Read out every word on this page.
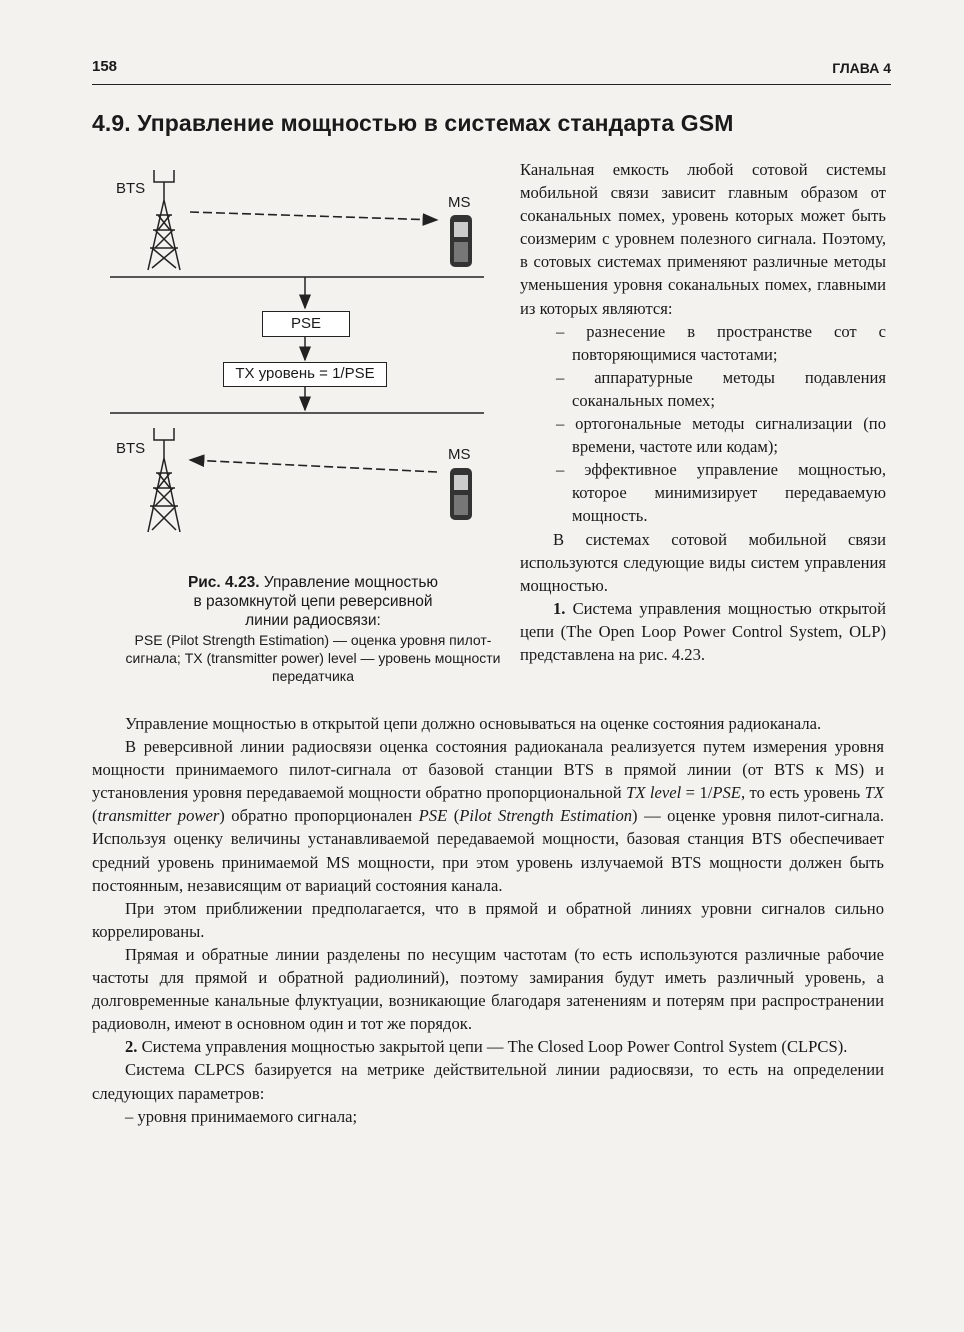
158	ГЛАВА 4
4.9. Управление мощностью в системах стандарта GSM
BTS
MS
PSE
TX уровень = 1/PSE
BTS	MS
Рис. 4.23. Управление мощностью
в разомкнутой цепи реверсивной
линии радиосвязи:
PSE (Pilot Strength Estimation) — оценка уровня пилот-сигнала; TX (transmitter power) level — уровень мощности передатчика

Канальная емкость любой сотовой системы мобильной связи зависит главным образом от соканальных помех, уровень которых может быть соизмерим с уровнем полезного сигнала. Поэтому, в сотовых системах применяют различные методы уменьшения уровня соканальных помех, главными из которых являются:

– разнесение в пространстве сот с повторяющимися частотами;

– аппаратурные методы подавления соканальных помех;

– ортогональные методы сигнализации (по времени, частоте или кодам);

– эффективное управление мощностью, которое минимизирует передаваемую мощность.

В системах сотовой мобильной связи используются следующие виды систем управления мощностью.

1. Система управления мощностью открытой цепи (The Open Loop Power Control System, OLP) представлена на рис. 4.23.

Управление мощностью в открытой цепи должно основываться на оценке состояния радиоканала.

В реверсивной линии радиосвязи оценка состояния радиоканала реализуется путем измерения уровня мощности принимаемого пилот-сигнала от базовой станции BTS в прямой линии (от BTS к MS) и установления уровня передаваемой мощности обратно пропорциональной TX level = 1/PSE, то есть уровень TX (transmitter power) обратно пропорционален PSE (Pilot Strength Estimation) — оценке уровня пилот-сигнала. Используя оценку величины устанавливаемой передаваемой мощности, базовая станция BTS обеспечивает средний уровень принимаемой MS мощности, при этом уровень излучаемой BTS мощности должен быть постоянным, независящим от вариаций состояния канала.

При этом приближении предполагается, что в прямой и обратной линиях уровни сигналов сильно коррелированы.

Прямая и обратные линии разделены по несущим частотам (то есть используются различные рабочие частоты для прямой и обратной радиолиний), поэтому замирания будут иметь различный уровень, а долговременные канальные флуктуации, возникающие благодаря затенениям и потерям при распространении радиоволн, имеют в основном один и тот же порядок.

2. Система управления мощностью закрытой цепи — The Closed Loop Power Control System (CLPCS).

Система CLPCS базируется на метрике действительной линии радиосвязи, то есть на определении следующих параметров:

– уровня принимаемого сигнала;
